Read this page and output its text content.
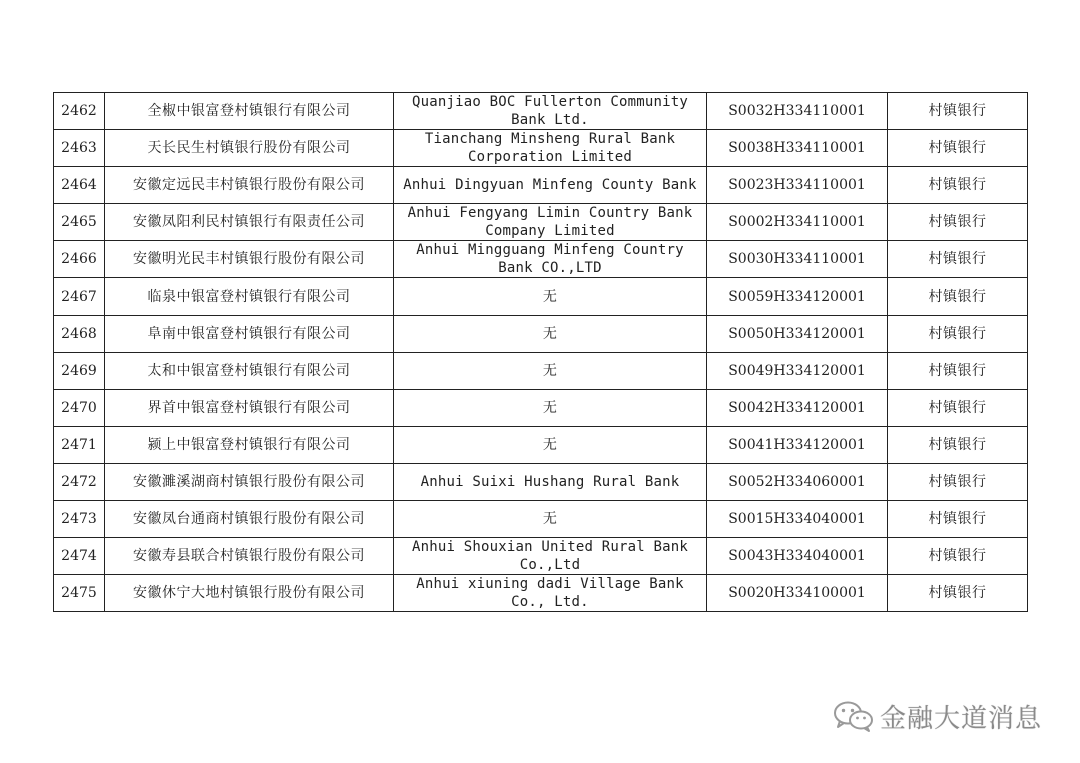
2462	全椒中银富登村镇银行有限公司	Quanjiao BOC Fullerton Community Bank Ltd.	S0032H334110001	村镇银行
2463	天长民生村镇银行股份有限公司	Tianchang Minsheng Rural Bank Corporation Limited	S0038H334110001	村镇银行
2464	安徽定远民丰村镇银行股份有限公司	Anhui Dingyuan Minfeng County Bank	S0023H334110001	村镇银行
2465	安徽凤阳利民村镇银行有限责任公司	Anhui Fengyang Limin Country Bank Company Limited	S0002H334110001	村镇银行
2466	安徽明光民丰村镇银行股份有限公司	Anhui Mingguang Minfeng Country Bank CO.,LTD	S0030H334110001	村镇银行
2467	临泉中银富登村镇银行有限公司	无	S0059H334120001	村镇银行
2468	阜南中银富登村镇银行有限公司	无	S0050H334120001	村镇银行
2469	太和中银富登村镇银行有限公司	无	S0049H334120001	村镇银行
2470	界首中银富登村镇银行有限公司	无	S0042H334120001	村镇银行
2471	颍上中银富登村镇银行有限公司	无	S0041H334120001	村镇银行
2472	安徽濉溪湖商村镇银行股份有限公司	Anhui Suixi Hushang Rural Bank	S0052H334060001	村镇银行
2473	安徽凤台通商村镇银行股份有限公司	无	S0015H334040001	村镇银行
2474	安徽寿县联合村镇银行股份有限公司	Anhui Shouxian United Rural Bank Co.,Ltd	S0043H334040001	村镇银行
2475	安徽休宁大地村镇银行股份有限公司	Anhui xiuning dadi Village Bank Co., Ltd.	S0020H334100001	村镇银行
金融大道消息
